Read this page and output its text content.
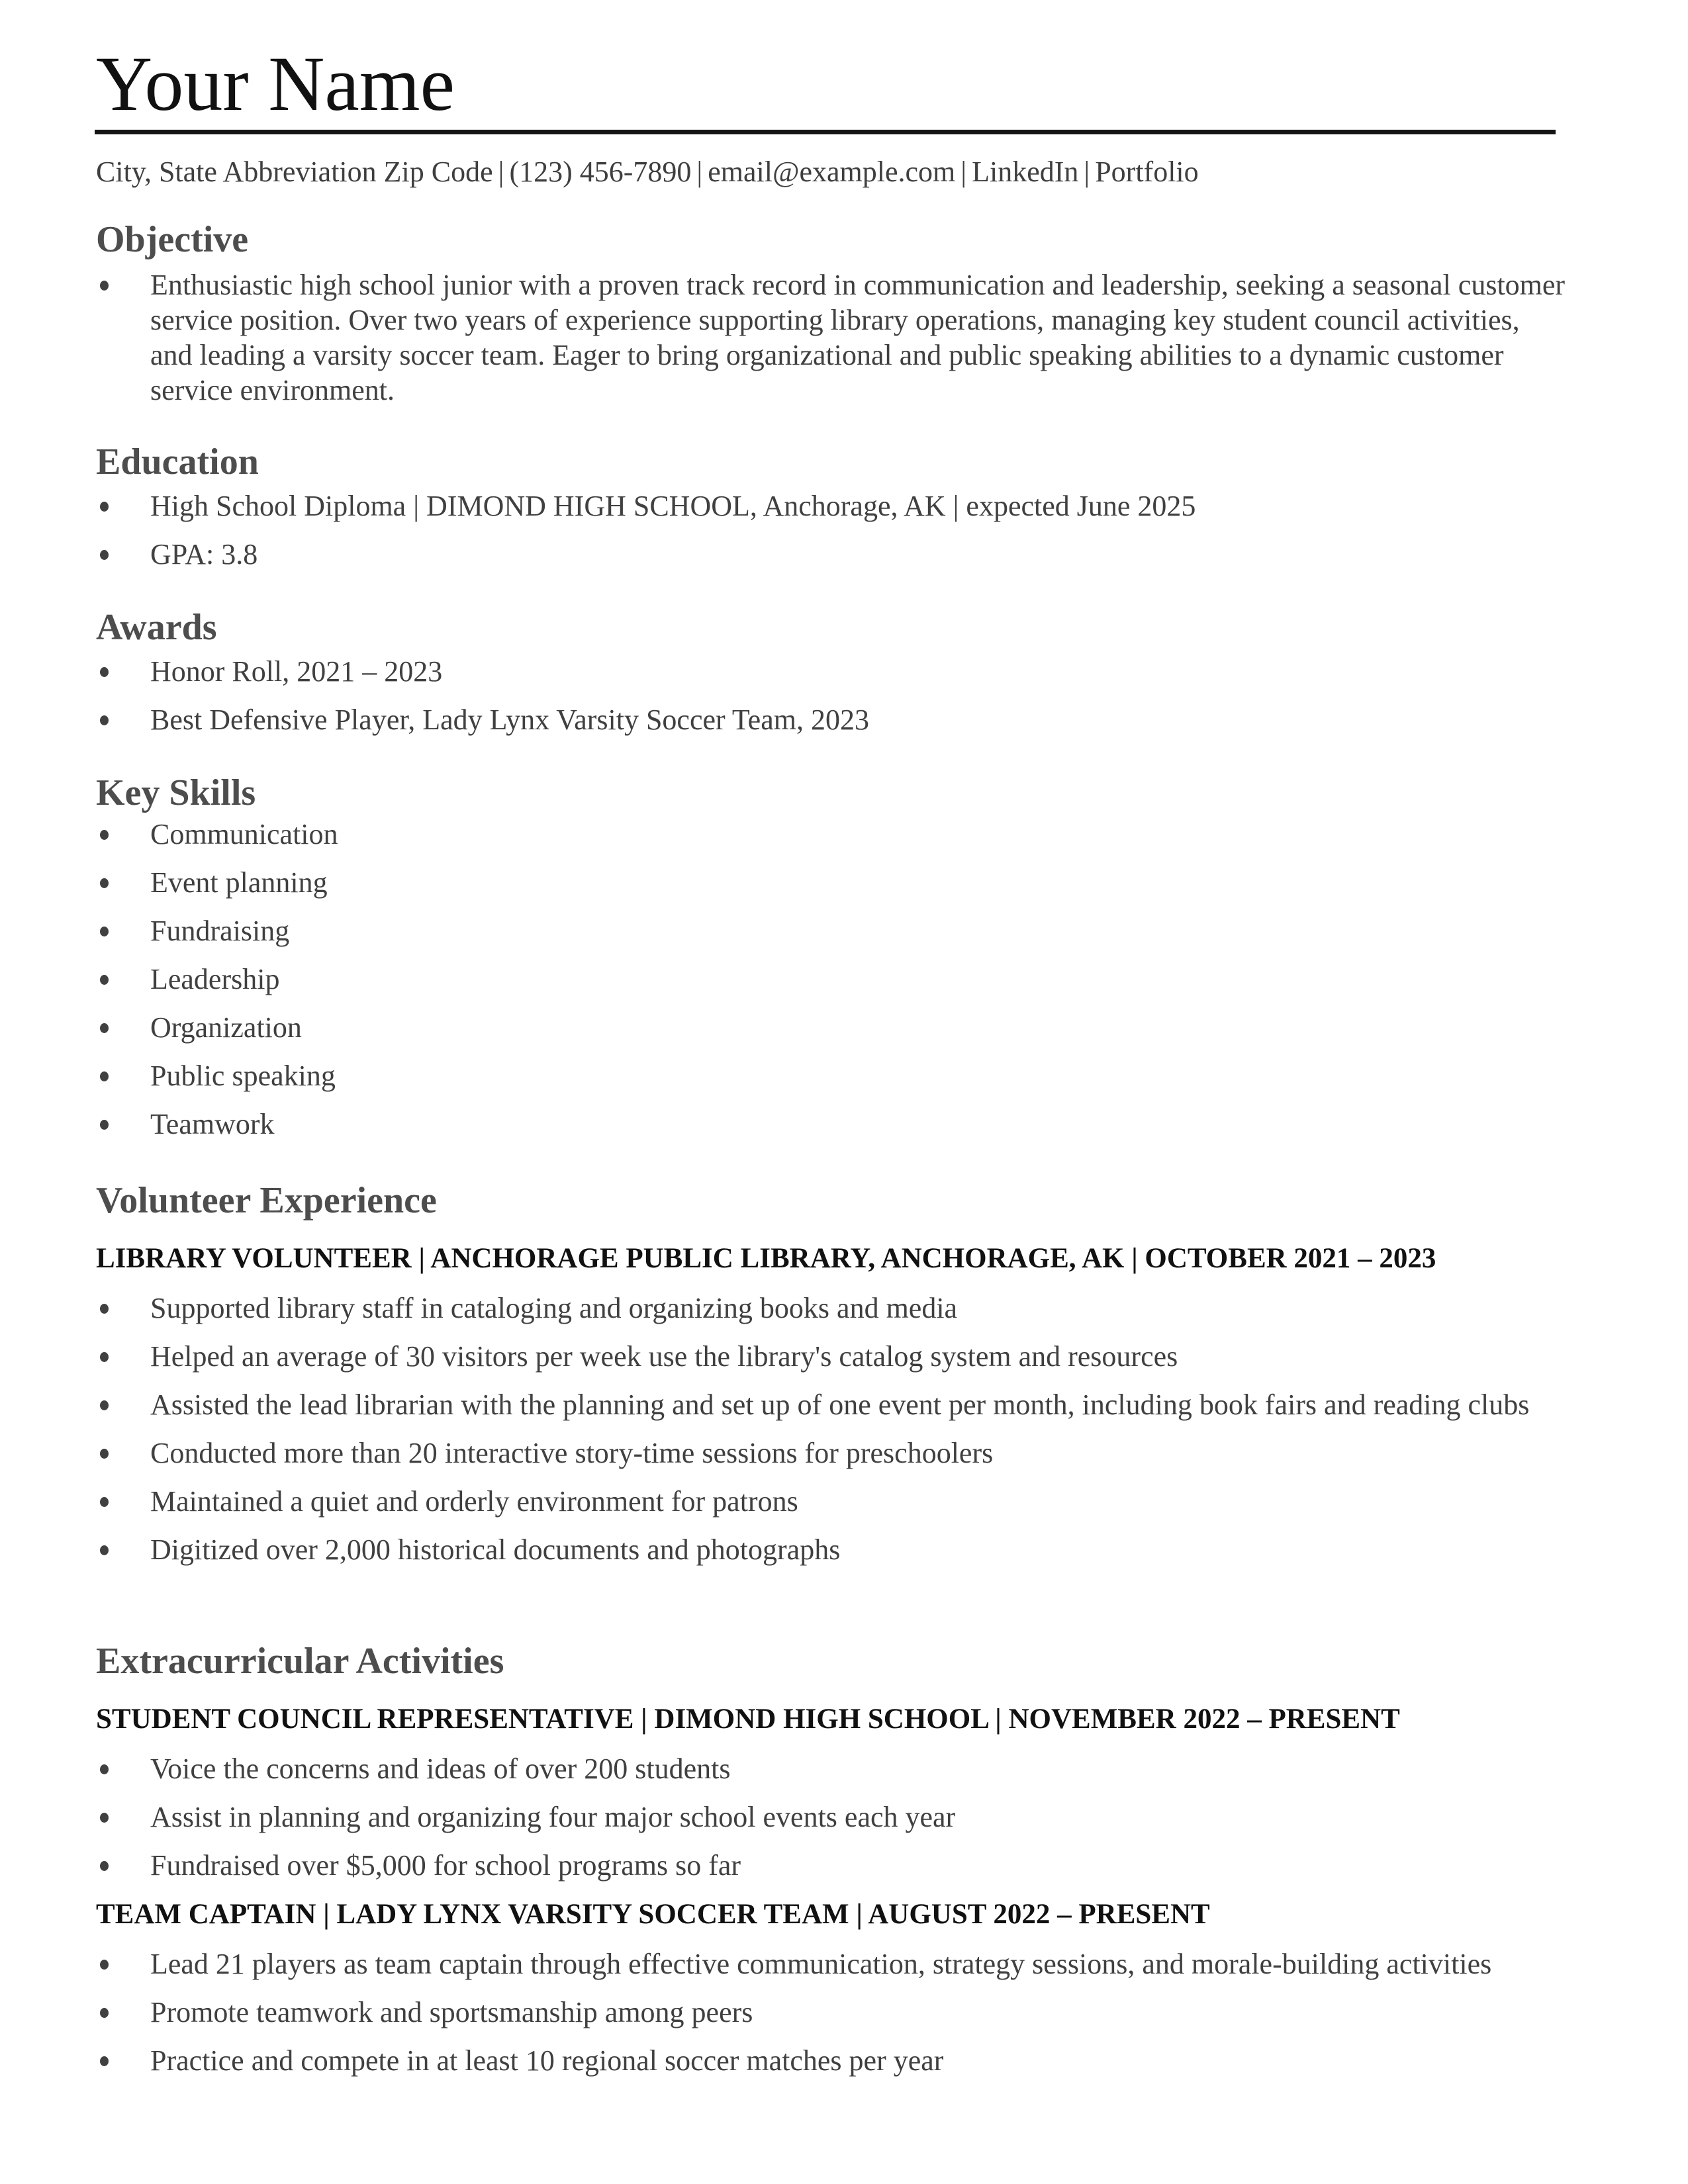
Your Name
City, State Abbreviation Zip Code | (123) 456-7890 | email@example.com | LinkedIn | Portfolio
Objective
Enthusiastic high school junior with a proven track record in communication and leadership, seeking a seasonal customer service position. Over two years of experience supporting library operations, managing key student council activities, and leading a varsity soccer team. Eager to bring organizational and public speaking abilities to a dynamic customer service environment.
Education
High School Diploma | DIMOND HIGH SCHOOL, Anchorage, AK | expected June 2025
GPA: 3.8
Awards
Honor Roll, 2021 – 2023
Best Defensive Player, Lady Lynx Varsity Soccer Team, 2023
Key Skills
Communication
Event planning
Fundraising
Leadership
Organization
Public speaking
Teamwork
Volunteer Experience
LIBRARY VOLUNTEER | ANCHORAGE PUBLIC LIBRARY, ANCHORAGE, AK | OCTOBER 2021 – 2023
Supported library staff in cataloging and organizing books and media
Helped an average of 30 visitors per week use the library's catalog system and resources
Assisted the lead librarian with the planning and set up of one event per month, including book fairs and reading clubs
Conducted more than 20 interactive story-time sessions for preschoolers
Maintained a quiet and orderly environment for patrons
Digitized over 2,000 historical documents and photographs
Extracurricular Activities
STUDENT COUNCIL REPRESENTATIVE | DIMOND HIGH SCHOOL | NOVEMBER 2022 – PRESENT
Voice the concerns and ideas of over 200 students
Assist in planning and organizing four major school events each year
Fundraised over $5,000 for school programs so far
TEAM CAPTAIN | LADY LYNX VARSITY SOCCER TEAM | AUGUST 2022 – PRESENT
Lead 21 players as team captain through effective communication, strategy sessions, and morale-building activities
Promote teamwork and sportsmanship among peers
Practice and compete in at least 10 regional soccer matches per year
